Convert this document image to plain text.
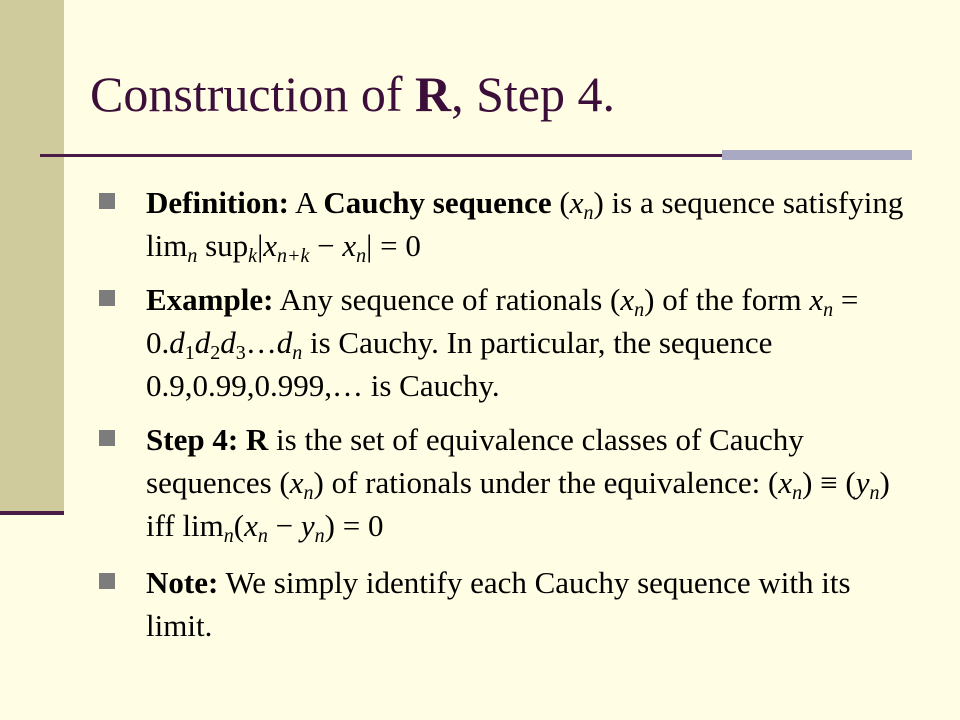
Construction of R, Step 4.

Definition: A Cauchy sequence $(x_n)$ is a sequence satisfying $\lim_n sup_k|x_{n+k} - x_n| = 0$

Example: Any sequence of rationals $(x_n)$ of the form $x_n$ = $0.d_1d_2d_3\dots d_n$ is Cauchy. In particular, the sequence 0.9,0.99,0.999,… is Cauchy.

Step 4: R is the set of equivalence classes of Cauchy sequences $(x_n)$ of rationals under the equivalence: $(x_n) \equiv (y_n)$ iff $\lim_n(x_n - y_n) = 0$

Note: We simply identify each Cauchy sequence with its limit.
